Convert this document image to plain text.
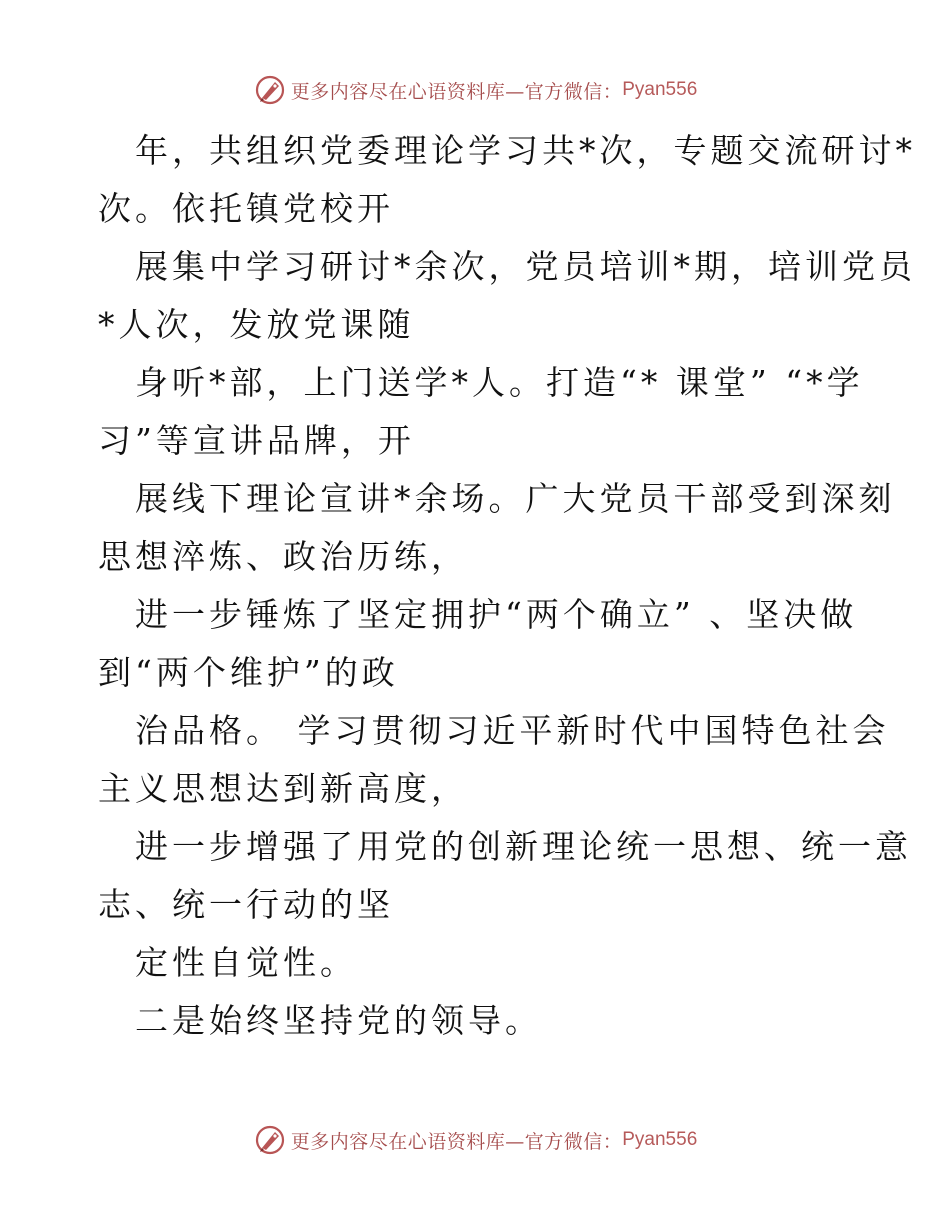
更多内容尽在心语资料库—官方微信： Pyan556
年，共组织党委理论学习共*次，专题交流研讨*
次。依托镇党校开
展集中学习研讨*余次，党员培训*期，培训党员
*人次，发放党课随
身听*部，上门送学*人。打造“* 课堂” “*学
习”等宣讲品牌，开
展线下理论宣讲*余场。广大党员干部受到深刻
思想淬炼、政治历练，
进一步锤炼了坚定拥护“两个确立” 、坚决做
到“两个维护”的政
治品格。 学习贯彻习近平新时代中国特色社会
主义思想达到新高度，
进一步增强了用党的创新理论统一思想、统一意
志、统一行动的坚
定性自觉性。
二是始终坚持党的领导。
更多内容尽在心语资料库—官方微信： Pyan556
